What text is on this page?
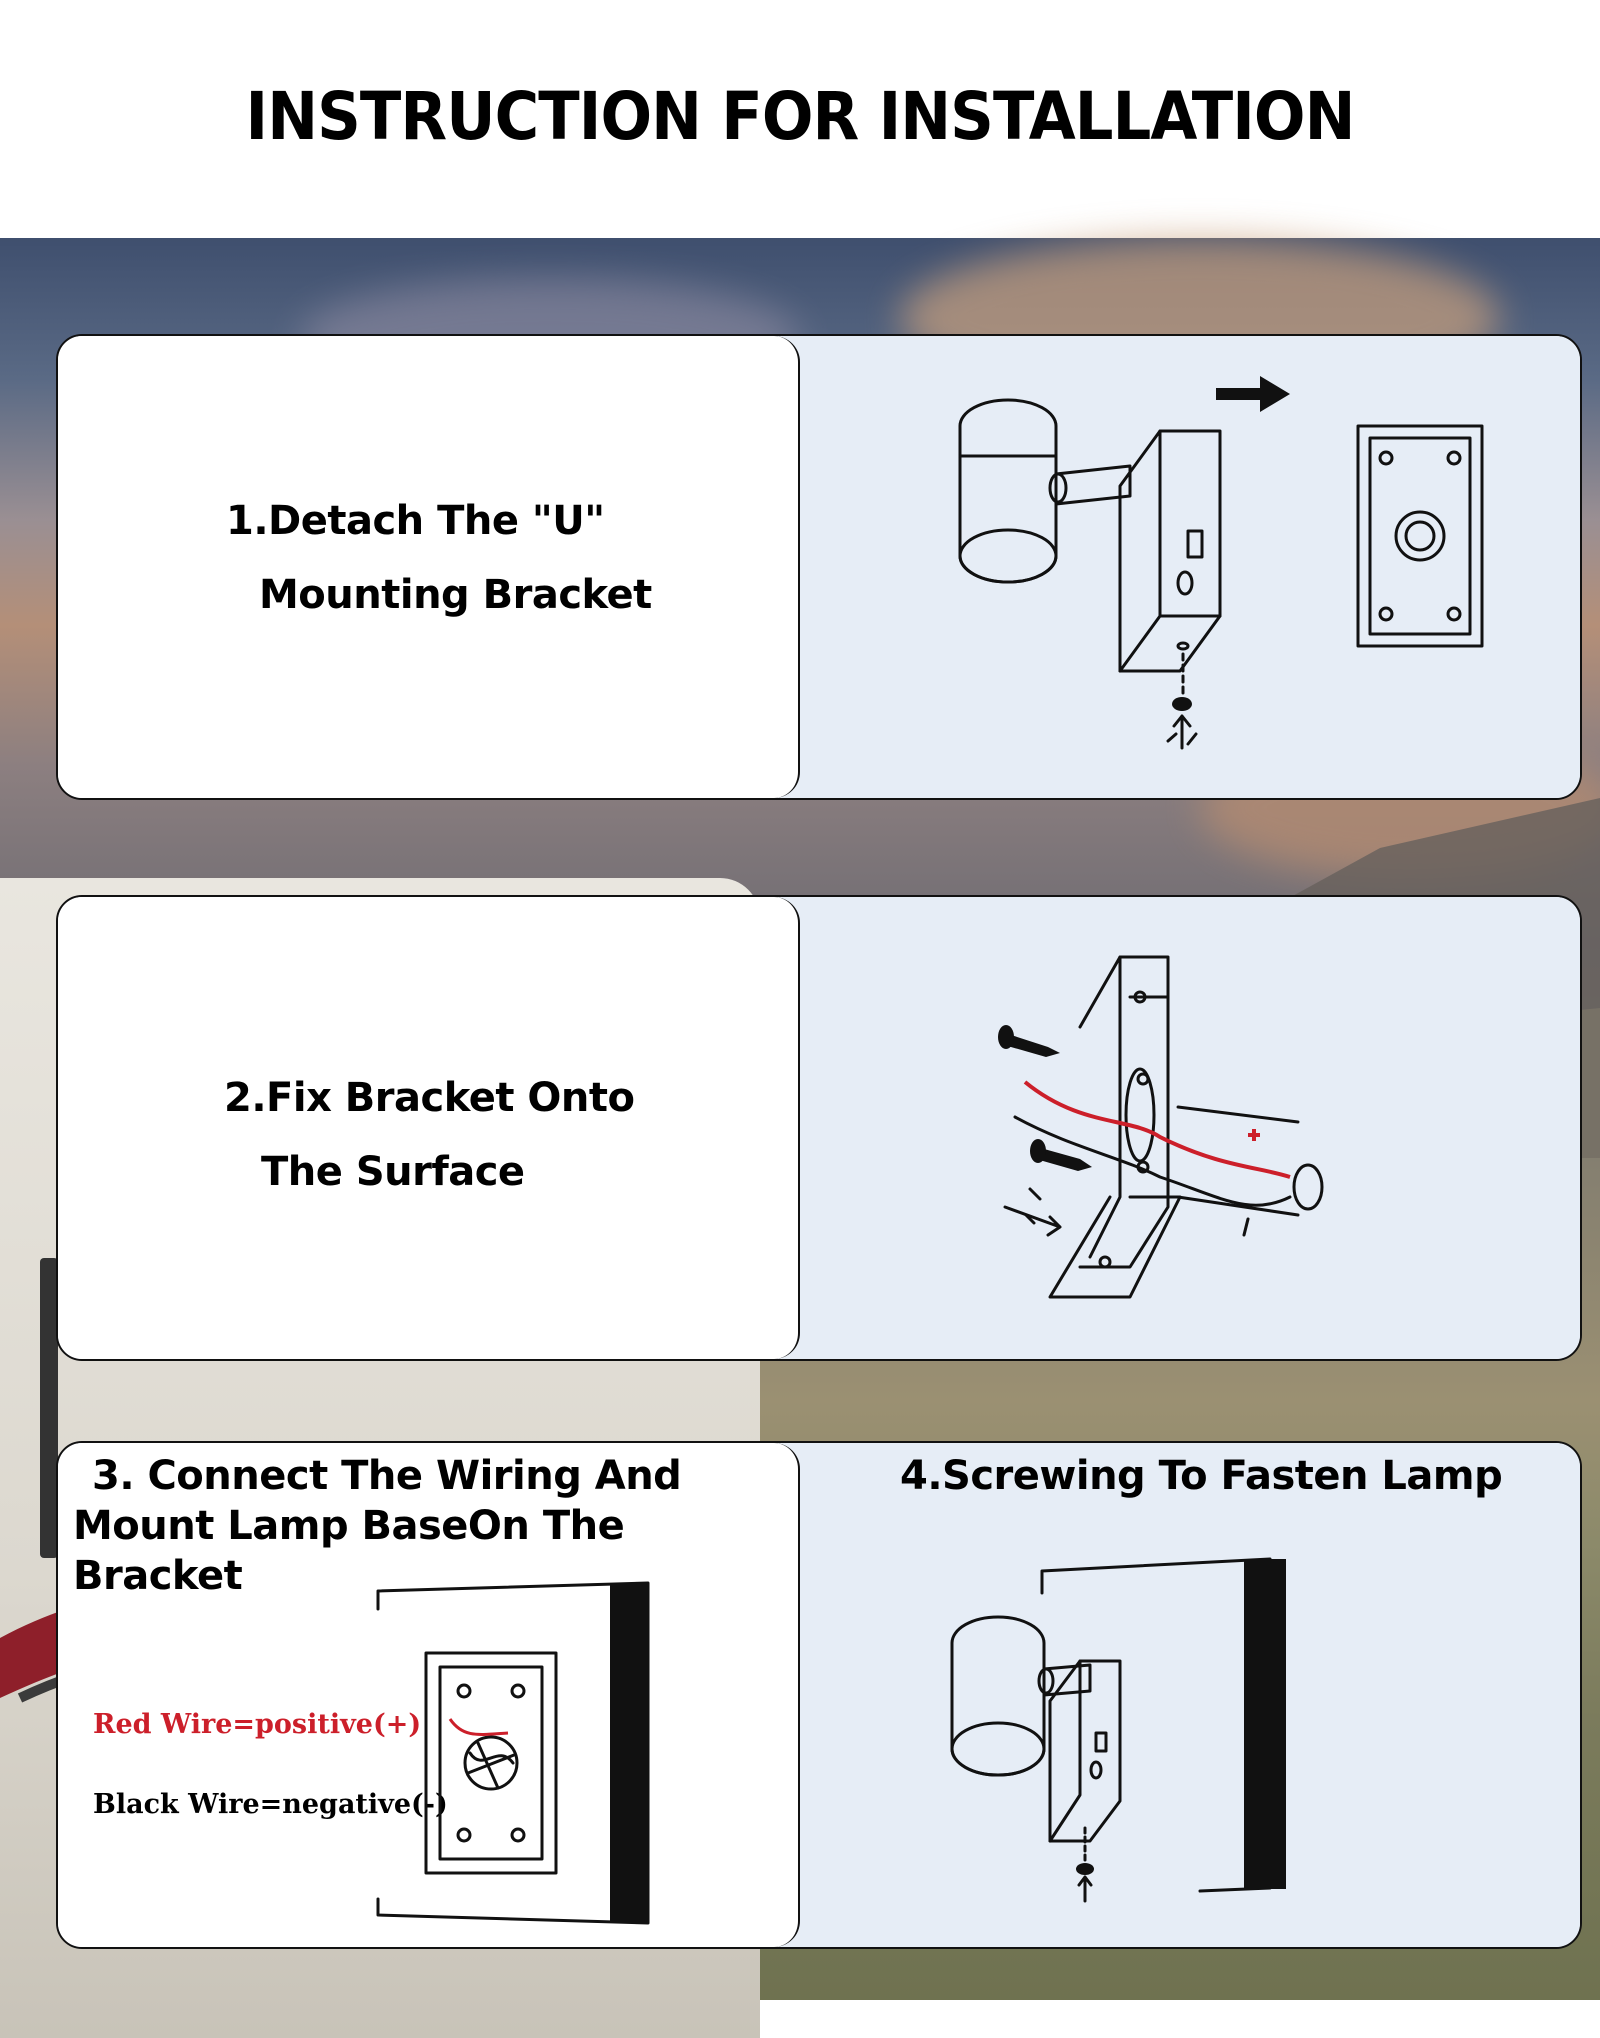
INSTRUCTION FOR INSTALLATION
1.Detach The "U"
Mounting Bracket
2.Fix Bracket Onto
The Surface
3. Connect The Wiring And
Mount Lamp BaseOn The Bracket
Red Wire=positive(+)
Black Wire=negative(-)
4.Screwing To Fasten Lamp
